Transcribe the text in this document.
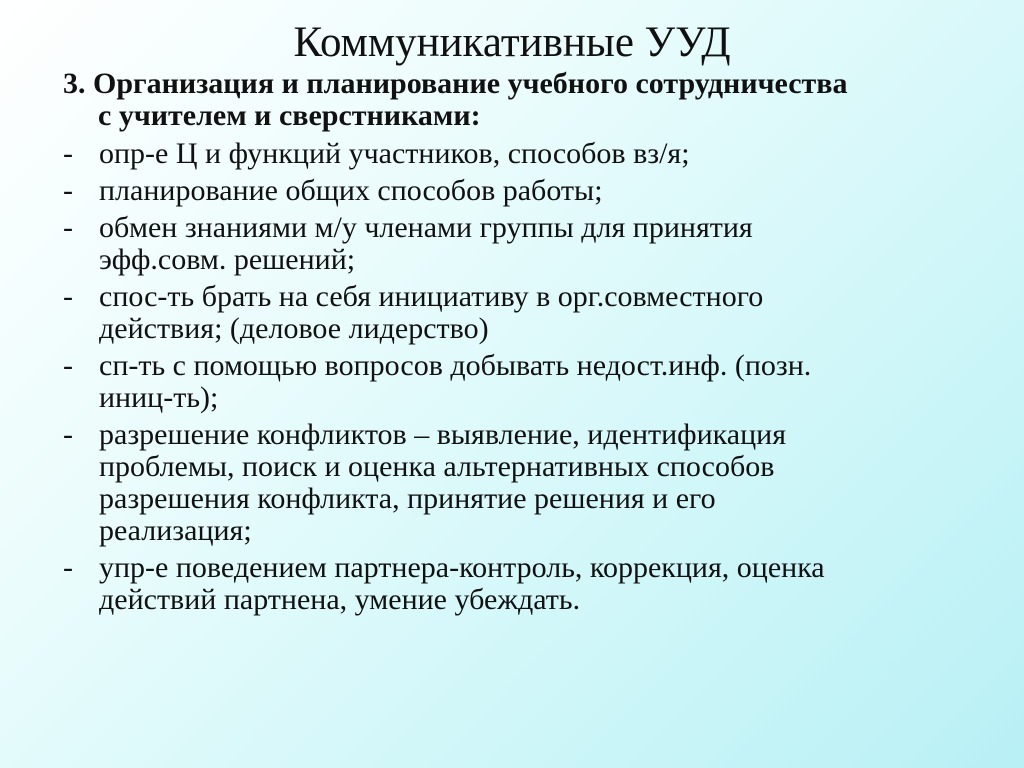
Коммуникативные УУД
3. Организация и планирование учебного сотрудничества
с учителем и сверстниками:
- опр-е Ц и функций участников, способов вз/я;
- планирование общих способов работы;
- обмен знаниями м/у членами группы для принятия
эфф.совм. решений;
- спос-ть брать на себя инициативу в орг.совместного
действия; (деловое лидерство)
- сп-ть с помощью вопросов добывать недост.инф. (позн.
иниц-ть);
- разрешение конфликтов – выявление, идентификация
проблемы, поиск и оценка альтернативных способов
разрешения конфликта, принятие решения и его
реализация;
- упр-е поведением партнера-контроль, коррекция, оценка
действий партнена, умение убеждать.
